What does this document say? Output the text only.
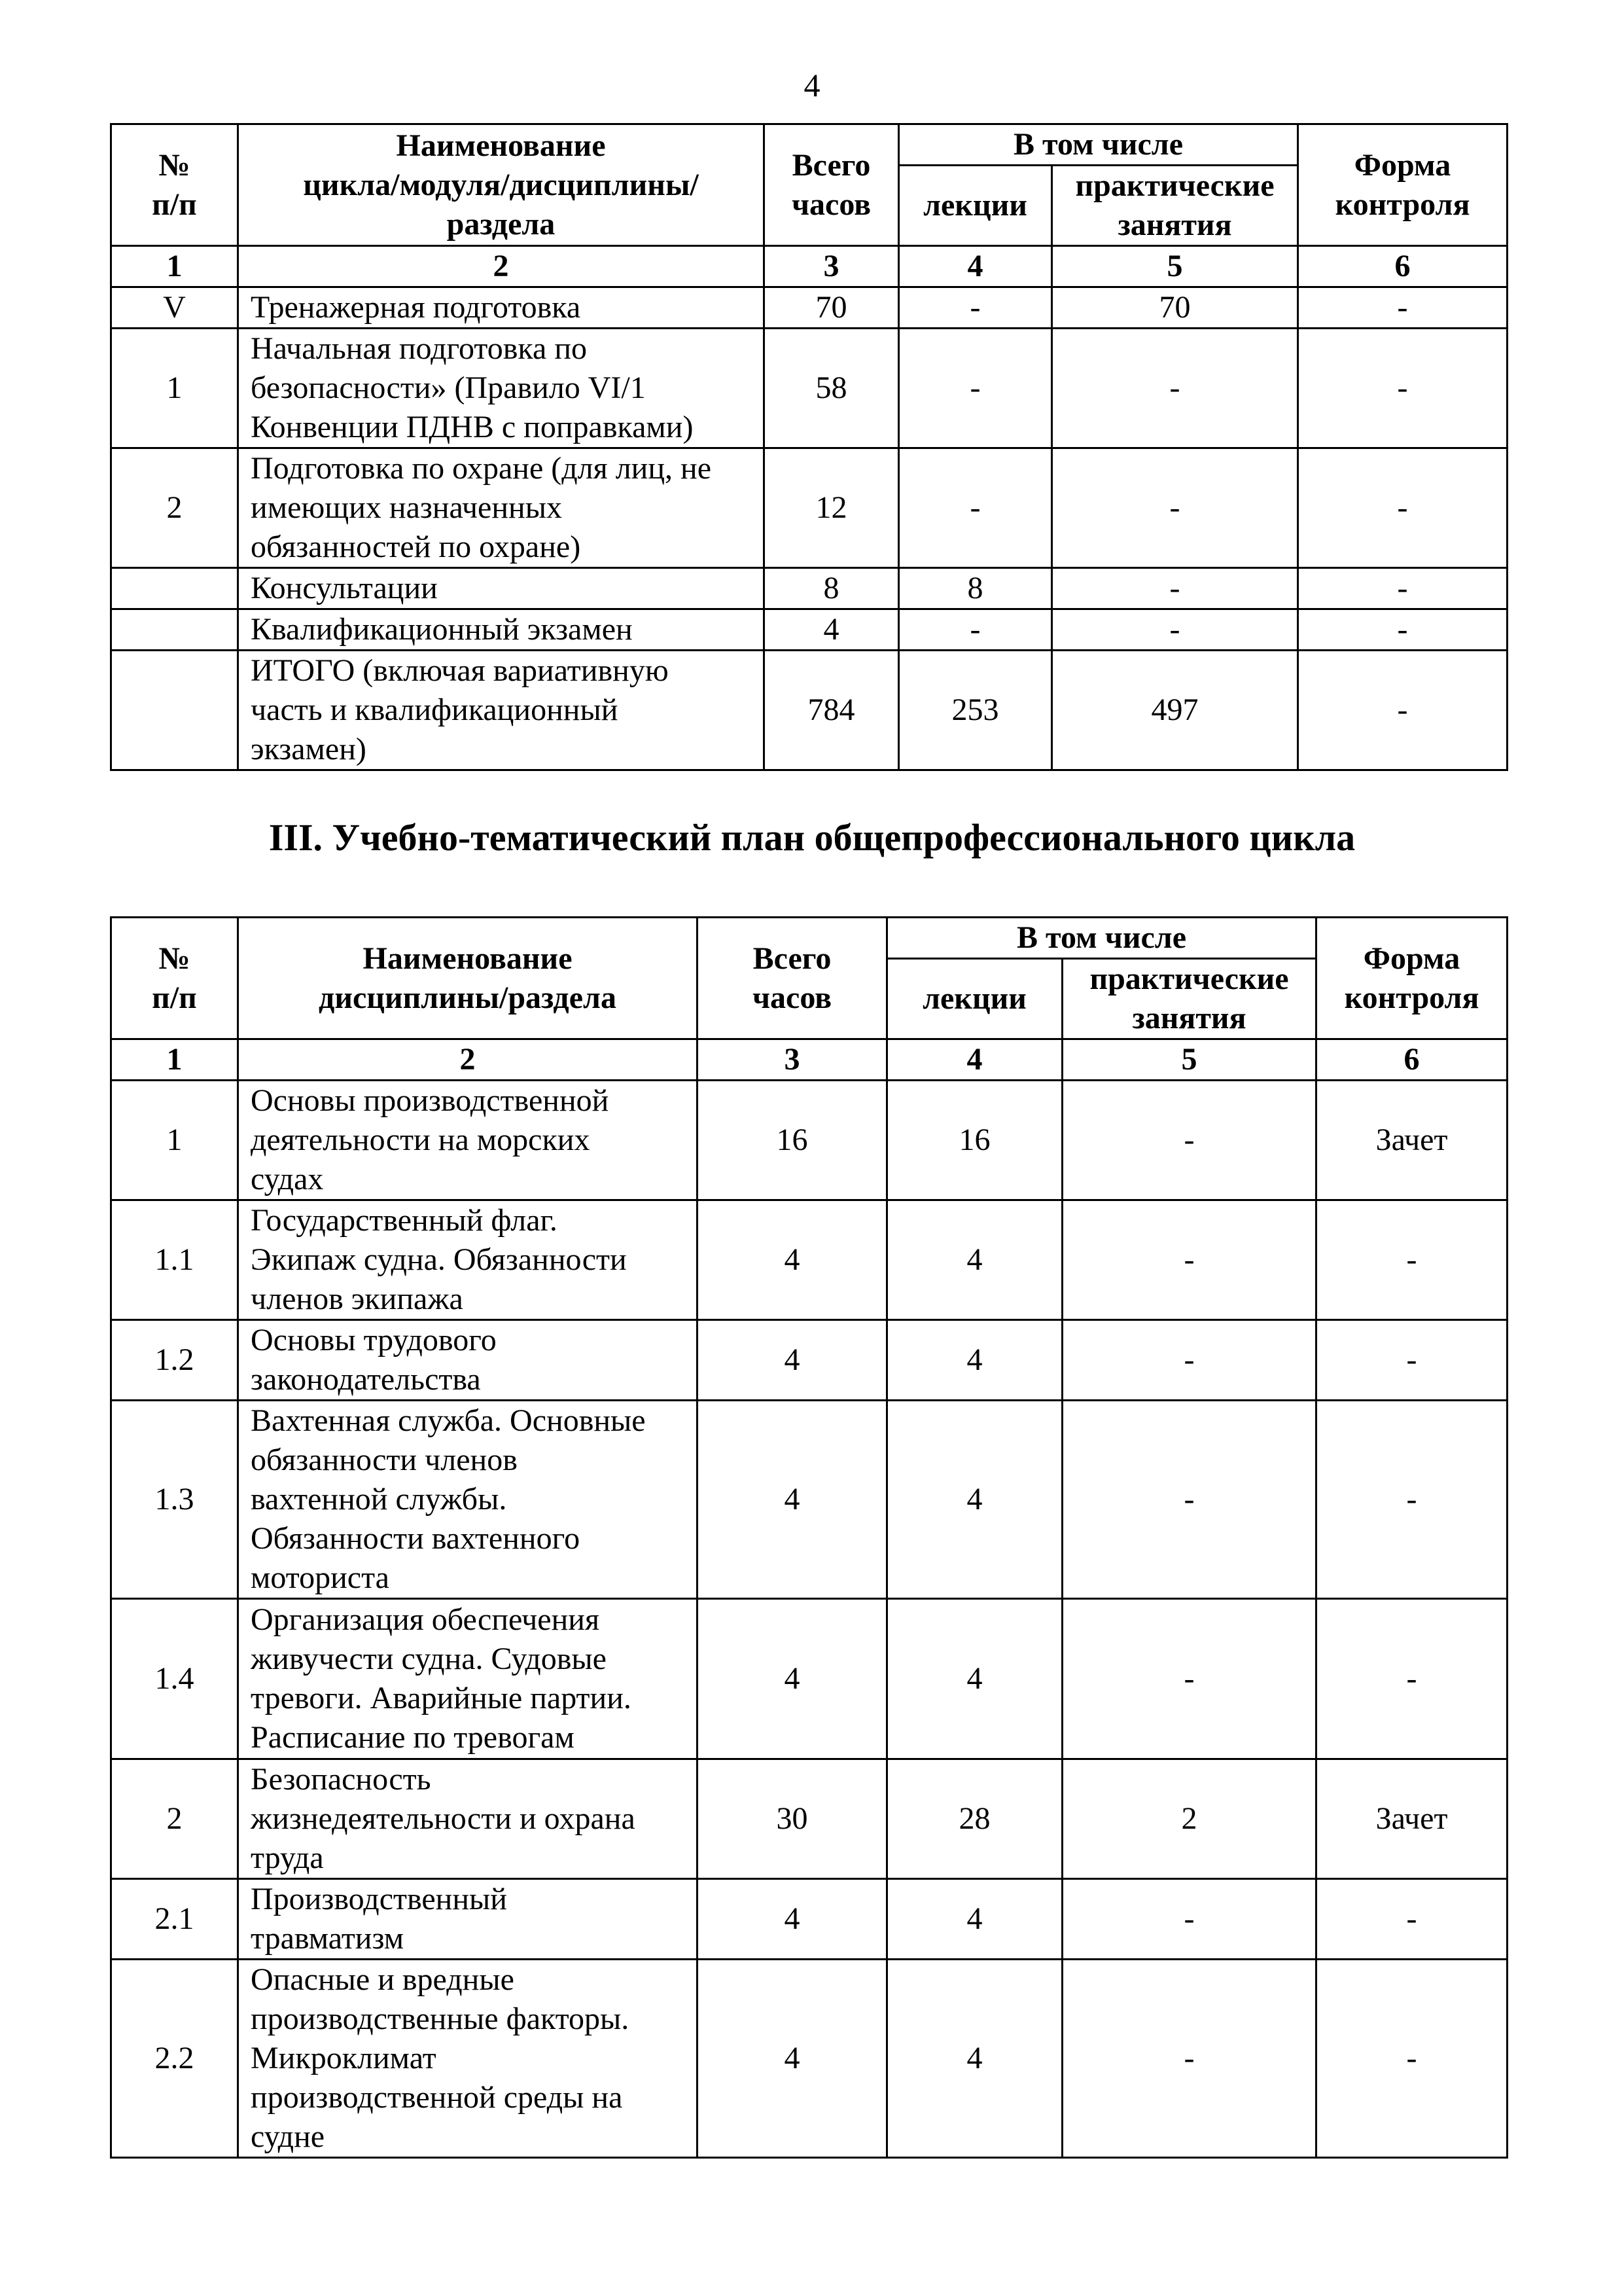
4
№
п/п	Наименование
цикла/модуля/дисциплины/
раздела	Всего
часов	В том числе		Форма
контроля
			лекции	практические
занятия	
1	2	3	4	5	6
V	Тренажерная подготовка	70	-	70	-
1	Начальная подготовка по
безопасности» (Правило VI/1
Конвенции ПДНВ с поправками)	58	-	-	-
2	Подготовка по охране (для лиц, не
имеющих назначенных
обязанностей по охране)	12	-	-	-
	Консультации	8	8	-	-
	Квалификационный экзамен	4	-	-	-
	ИТОГО (включая вариативную
часть и квалификационный
экзамен)	784	253	497	-
III. Учебно-тематический план общепрофессионального цикла
№
п/п	Наименование
дисциплины/раздела	Всего
часов	В том числе		Форма
контроля
			лекции	практические
занятия	
1	2	3	4	5	6
1	Основы производственной
деятельности на морских
судах	16	16	-	Зачет
1.1	Государственный флаг.
Экипаж судна. Обязанности
членов экипажа	4	4	-	-
1.2	Основы трудового
законодательства	4	4	-	-
1.3	Вахтенная служба. Основные
обязанности членов
вахтенной службы.
Обязанности вахтенного
моториста	4	4	-	-
1.4	Организация обеспечения
живучести судна. Судовые
тревоги. Аварийные партии.
Расписание по тревогам	4	4	-	-
2	Безопасность
жизнедеятельности и охрана
труда	30	28	2	Зачет
2.1	Производственный
травматизм	4	4	-	-
2.2	Опасные и вредные
производственные факторы.
Микроклимат
производственной среды на
судне	4	4	-	-
